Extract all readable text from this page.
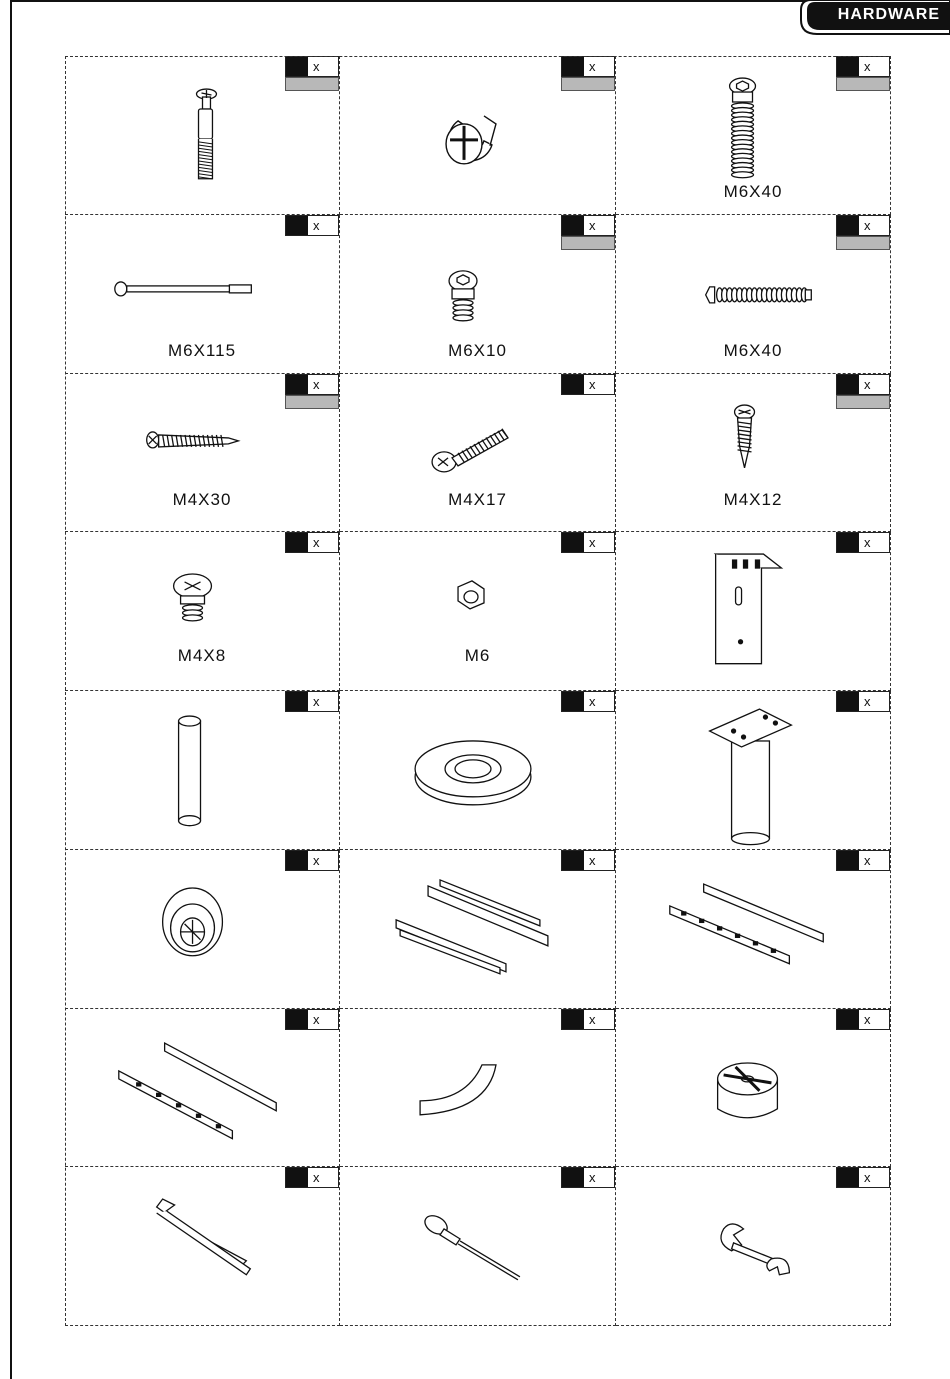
HARDWARE
x	x	x
M6X40
x
M6X115
x
M6X10
x
M6X40
x
M4X30
x
M4X17
x
M4X12
x
M4X8
x
M6
x
x	x	x
x	x	x
x	x	x
x	x	x
